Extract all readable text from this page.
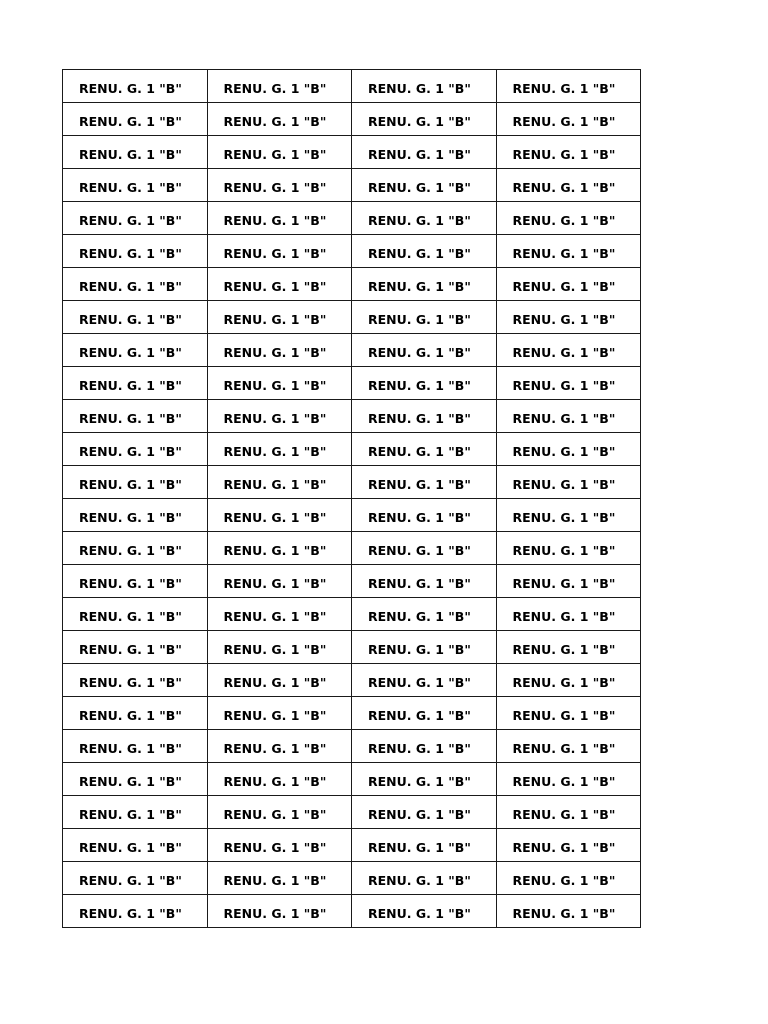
RENU. G. 1 "B"	RENU. G. 1 "B"	RENU. G. 1 "B"	RENU. G. 1 "B"
RENU. G. 1 "B"	RENU. G. 1 "B"	RENU. G. 1 "B"	RENU. G. 1 "B"
RENU. G. 1 "B"	RENU. G. 1 "B"	RENU. G. 1 "B"	RENU. G. 1 "B"
RENU. G. 1 "B"	RENU. G. 1 "B"	RENU. G. 1 "B"	RENU. G. 1 "B"
RENU. G. 1 "B"	RENU. G. 1 "B"	RENU. G. 1 "B"	RENU. G. 1 "B"
RENU. G. 1 "B"	RENU. G. 1 "B"	RENU. G. 1 "B"	RENU. G. 1 "B"
RENU. G. 1 "B"	RENU. G. 1 "B"	RENU. G. 1 "B"	RENU. G. 1 "B"
RENU. G. 1 "B"	RENU. G. 1 "B"	RENU. G. 1 "B"	RENU. G. 1 "B"
RENU. G. 1 "B"	RENU. G. 1 "B"	RENU. G. 1 "B"	RENU. G. 1 "B"
RENU. G. 1 "B"	RENU. G. 1 "B"	RENU. G. 1 "B"	RENU. G. 1 "B"
RENU. G. 1 "B"	RENU. G. 1 "B"	RENU. G. 1 "B"	RENU. G. 1 "B"
RENU. G. 1 "B"	RENU. G. 1 "B"	RENU. G. 1 "B"	RENU. G. 1 "B"
RENU. G. 1 "B"	RENU. G. 1 "B"	RENU. G. 1 "B"	RENU. G. 1 "B"
RENU. G. 1 "B"	RENU. G. 1 "B"	RENU. G. 1 "B"	RENU. G. 1 "B"
RENU. G. 1 "B"	RENU. G. 1 "B"	RENU. G. 1 "B"	RENU. G. 1 "B"
RENU. G. 1 "B"	RENU. G. 1 "B"	RENU. G. 1 "B"	RENU. G. 1 "B"
RENU. G. 1 "B"	RENU. G. 1 "B"	RENU. G. 1 "B"	RENU. G. 1 "B"
RENU. G. 1 "B"	RENU. G. 1 "B"	RENU. G. 1 "B"	RENU. G. 1 "B"
RENU. G. 1 "B"	RENU. G. 1 "B"	RENU. G. 1 "B"	RENU. G. 1 "B"
RENU. G. 1 "B"	RENU. G. 1 "B"	RENU. G. 1 "B"	RENU. G. 1 "B"
RENU. G. 1 "B"	RENU. G. 1 "B"	RENU. G. 1 "B"	RENU. G. 1 "B"
RENU. G. 1 "B"	RENU. G. 1 "B"	RENU. G. 1 "B"	RENU. G. 1 "B"
RENU. G. 1 "B"	RENU. G. 1 "B"	RENU. G. 1 "B"	RENU. G. 1 "B"
RENU. G. 1 "B"	RENU. G. 1 "B"	RENU. G. 1 "B"	RENU. G. 1 "B"
RENU. G. 1 "B"	RENU. G. 1 "B"	RENU. G. 1 "B"	RENU. G. 1 "B"
RENU. G. 1 "B"	RENU. G. 1 "B"	RENU. G. 1 "B"	RENU. G. 1 "B"
